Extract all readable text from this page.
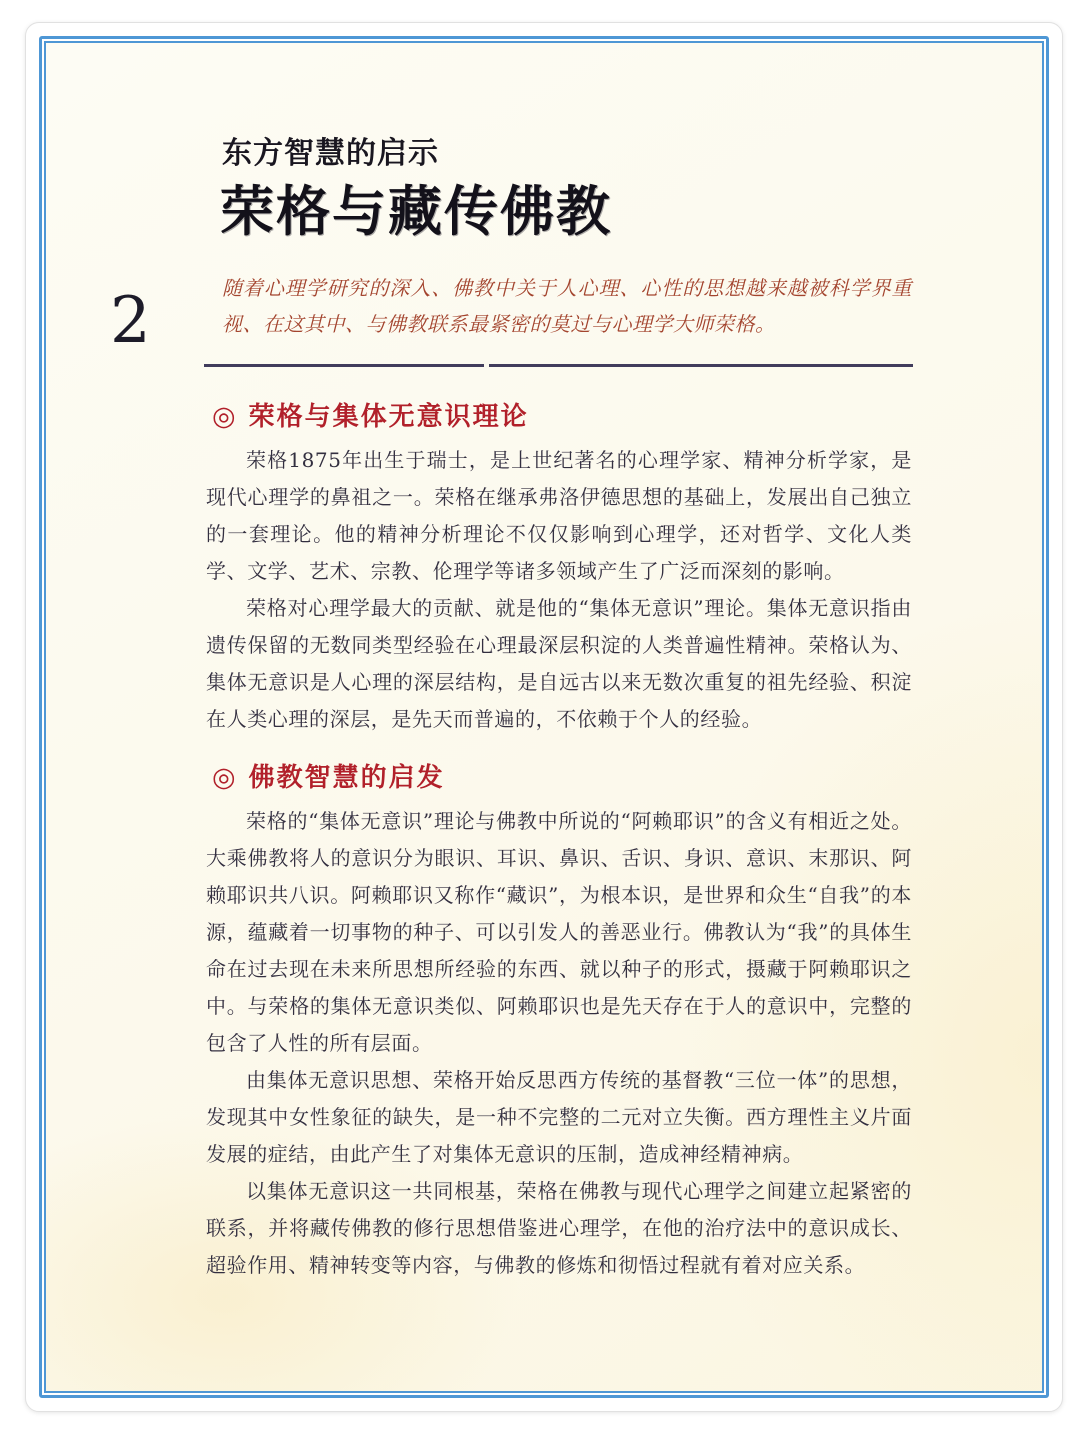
2
东方智慧的启示
荣格与藏传佛教

随着心理学研究的深入、佛教中关于人心理、心性的思想越来越被科学界重视、在这其中、与佛教联系最紧密的莫过与心理学大师荣格。

◎ 荣格与集体无意识理论

荣格1875年出生于瑞士，是上世纪著名的心理学家、精神分析学家，是现代心理学的鼻祖之一。荣格在继承弗洛伊德思想的基础上，发展出自己独立的一套理论。他的精神分析理论不仅仅影响到心理学，还对哲学、文化人类学、文学、艺术、宗教、伦理学等诸多领域产生了广泛而深刻的影响。

荣格对心理学最大的贡献、就是他的“集体无意识”理论。集体无意识指由遗传保留的无数同类型经验在心理最深层积淀的人类普遍性精神。荣格认为、集体无意识是人心理的深层结构，是自远古以来无数次重复的祖先经验、积淀在人类心理的深层，是先天而普遍的，不依赖于个人的经验。

◎ 佛教智慧的启发

荣格的“集体无意识”理论与佛教中所说的“阿赖耶识”的含义有相近之处。大乘佛教将人的意识分为眼识、耳识、鼻识、舌识、身识、意识、末那识、阿赖耶识共八识。阿赖耶识又称作“藏识”，为根本识，是世界和众生“自我”的本源，蕴藏着一切事物的种子、可以引发人的善恶业行。佛教认为“我”的具体生命在过去现在未来所思想所经验的东西、就以种子的形式，摄藏于阿赖耶识之中。与荣格的集体无意识类似、阿赖耶识也是先天存在于人的意识中，完整的包含了人性的所有层面。

由集体无意识思想、荣格开始反思西方传统的基督教“三位一体”的思想，发现其中女性象征的缺失，是一种不完整的二元对立失衡。西方理性主义片面发展的症结，由此产生了对集体无意识的压制，造成神经精神病。

以集体无意识这一共同根基，荣格在佛教与现代心理学之间建立起紧密的联系，并将藏传佛教的修行思想借鉴进心理学，在他的治疗法中的意识成长、超验作用、精神转变等内容，与佛教的修炼和彻悟过程就有着对应关系。
